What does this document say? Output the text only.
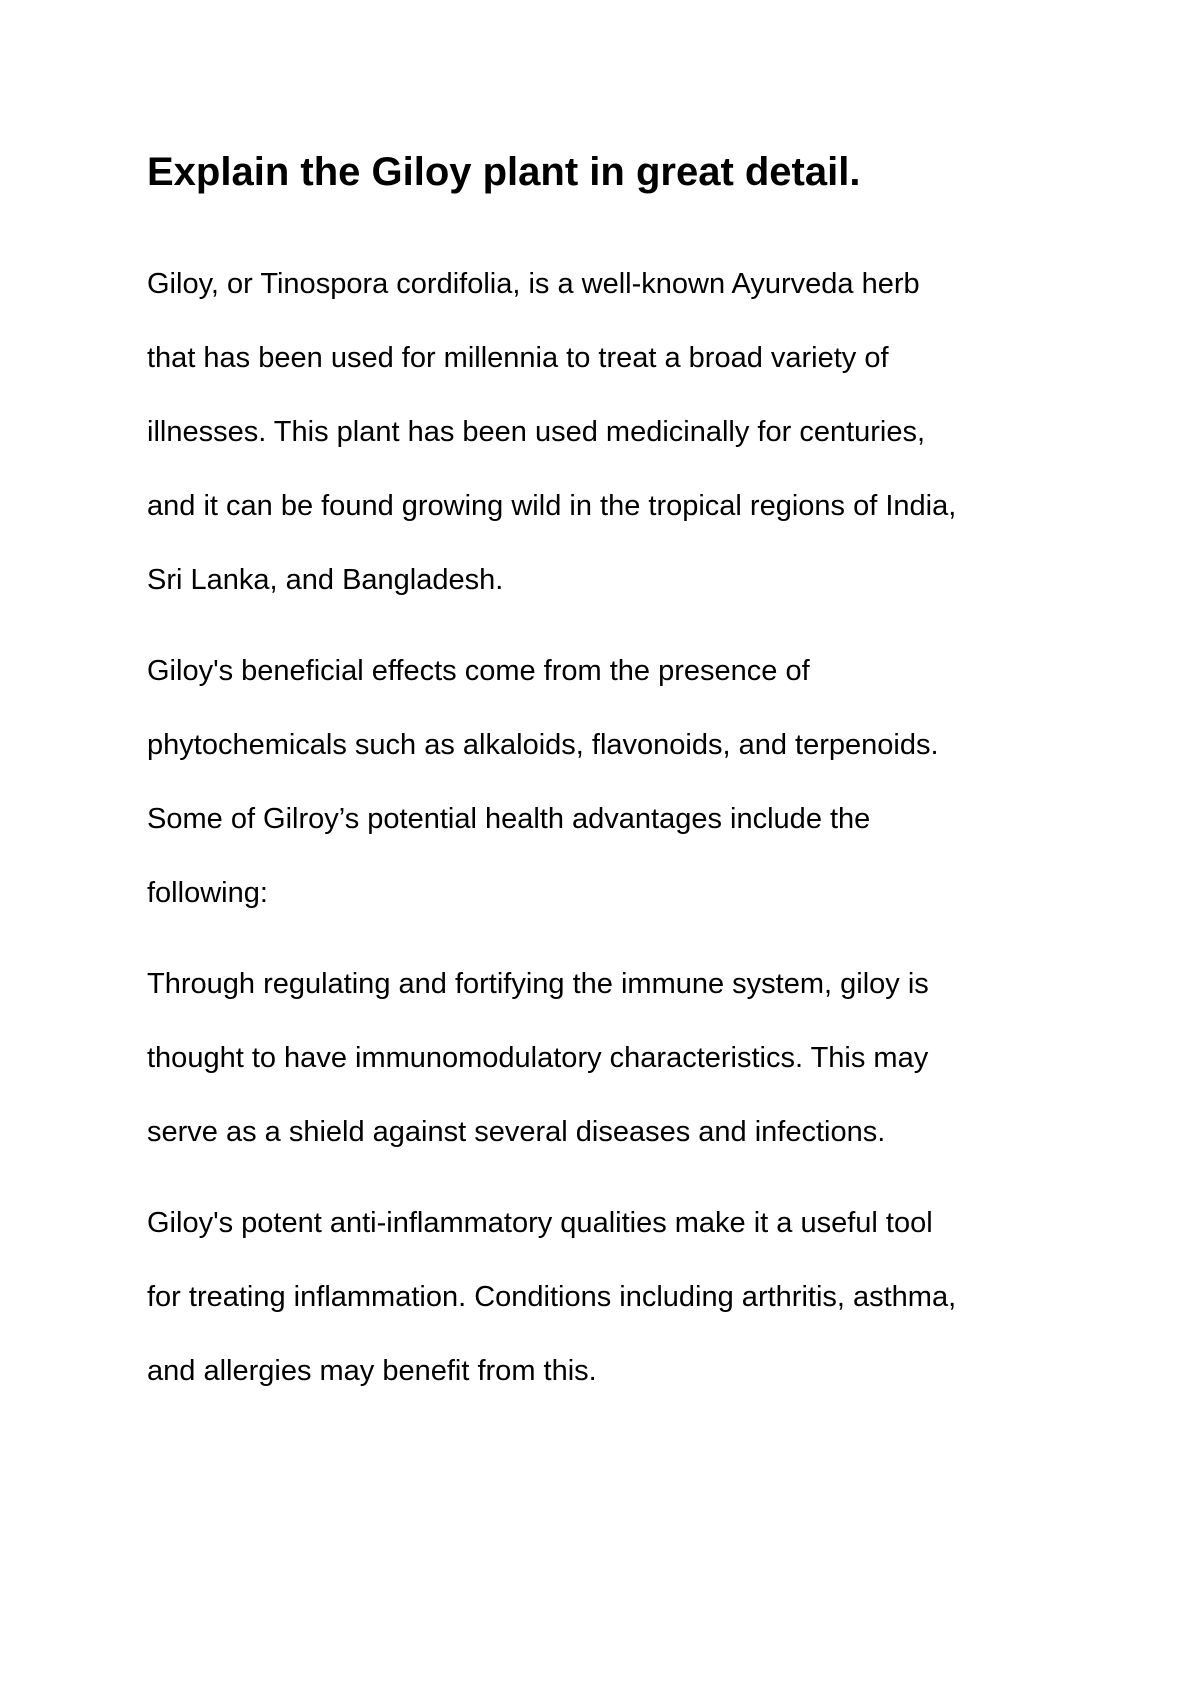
Explain the Giloy plant in great detail.

Giloy, or Tinospora cordifolia, is a well-known Ayurveda herb

that has been used for millennia to treat a broad variety of

illnesses. This plant has been used medicinally for centuries,

and it can be found growing wild in the tropical regions of India,

Sri Lanka, and Bangladesh.

Giloy's beneficial effects come from the presence of

phytochemicals such as alkaloids, flavonoids, and terpenoids.

Some of Gilroy’s potential health advantages include the

following:

Through regulating and fortifying the immune system, giloy is

thought to have immunomodulatory characteristics. This may

serve as a shield against several diseases and infections.

Giloy's potent anti-inflammatory qualities make it a useful tool

for treating inflammation. Conditions including arthritis, asthma,

and allergies may benefit from this.
